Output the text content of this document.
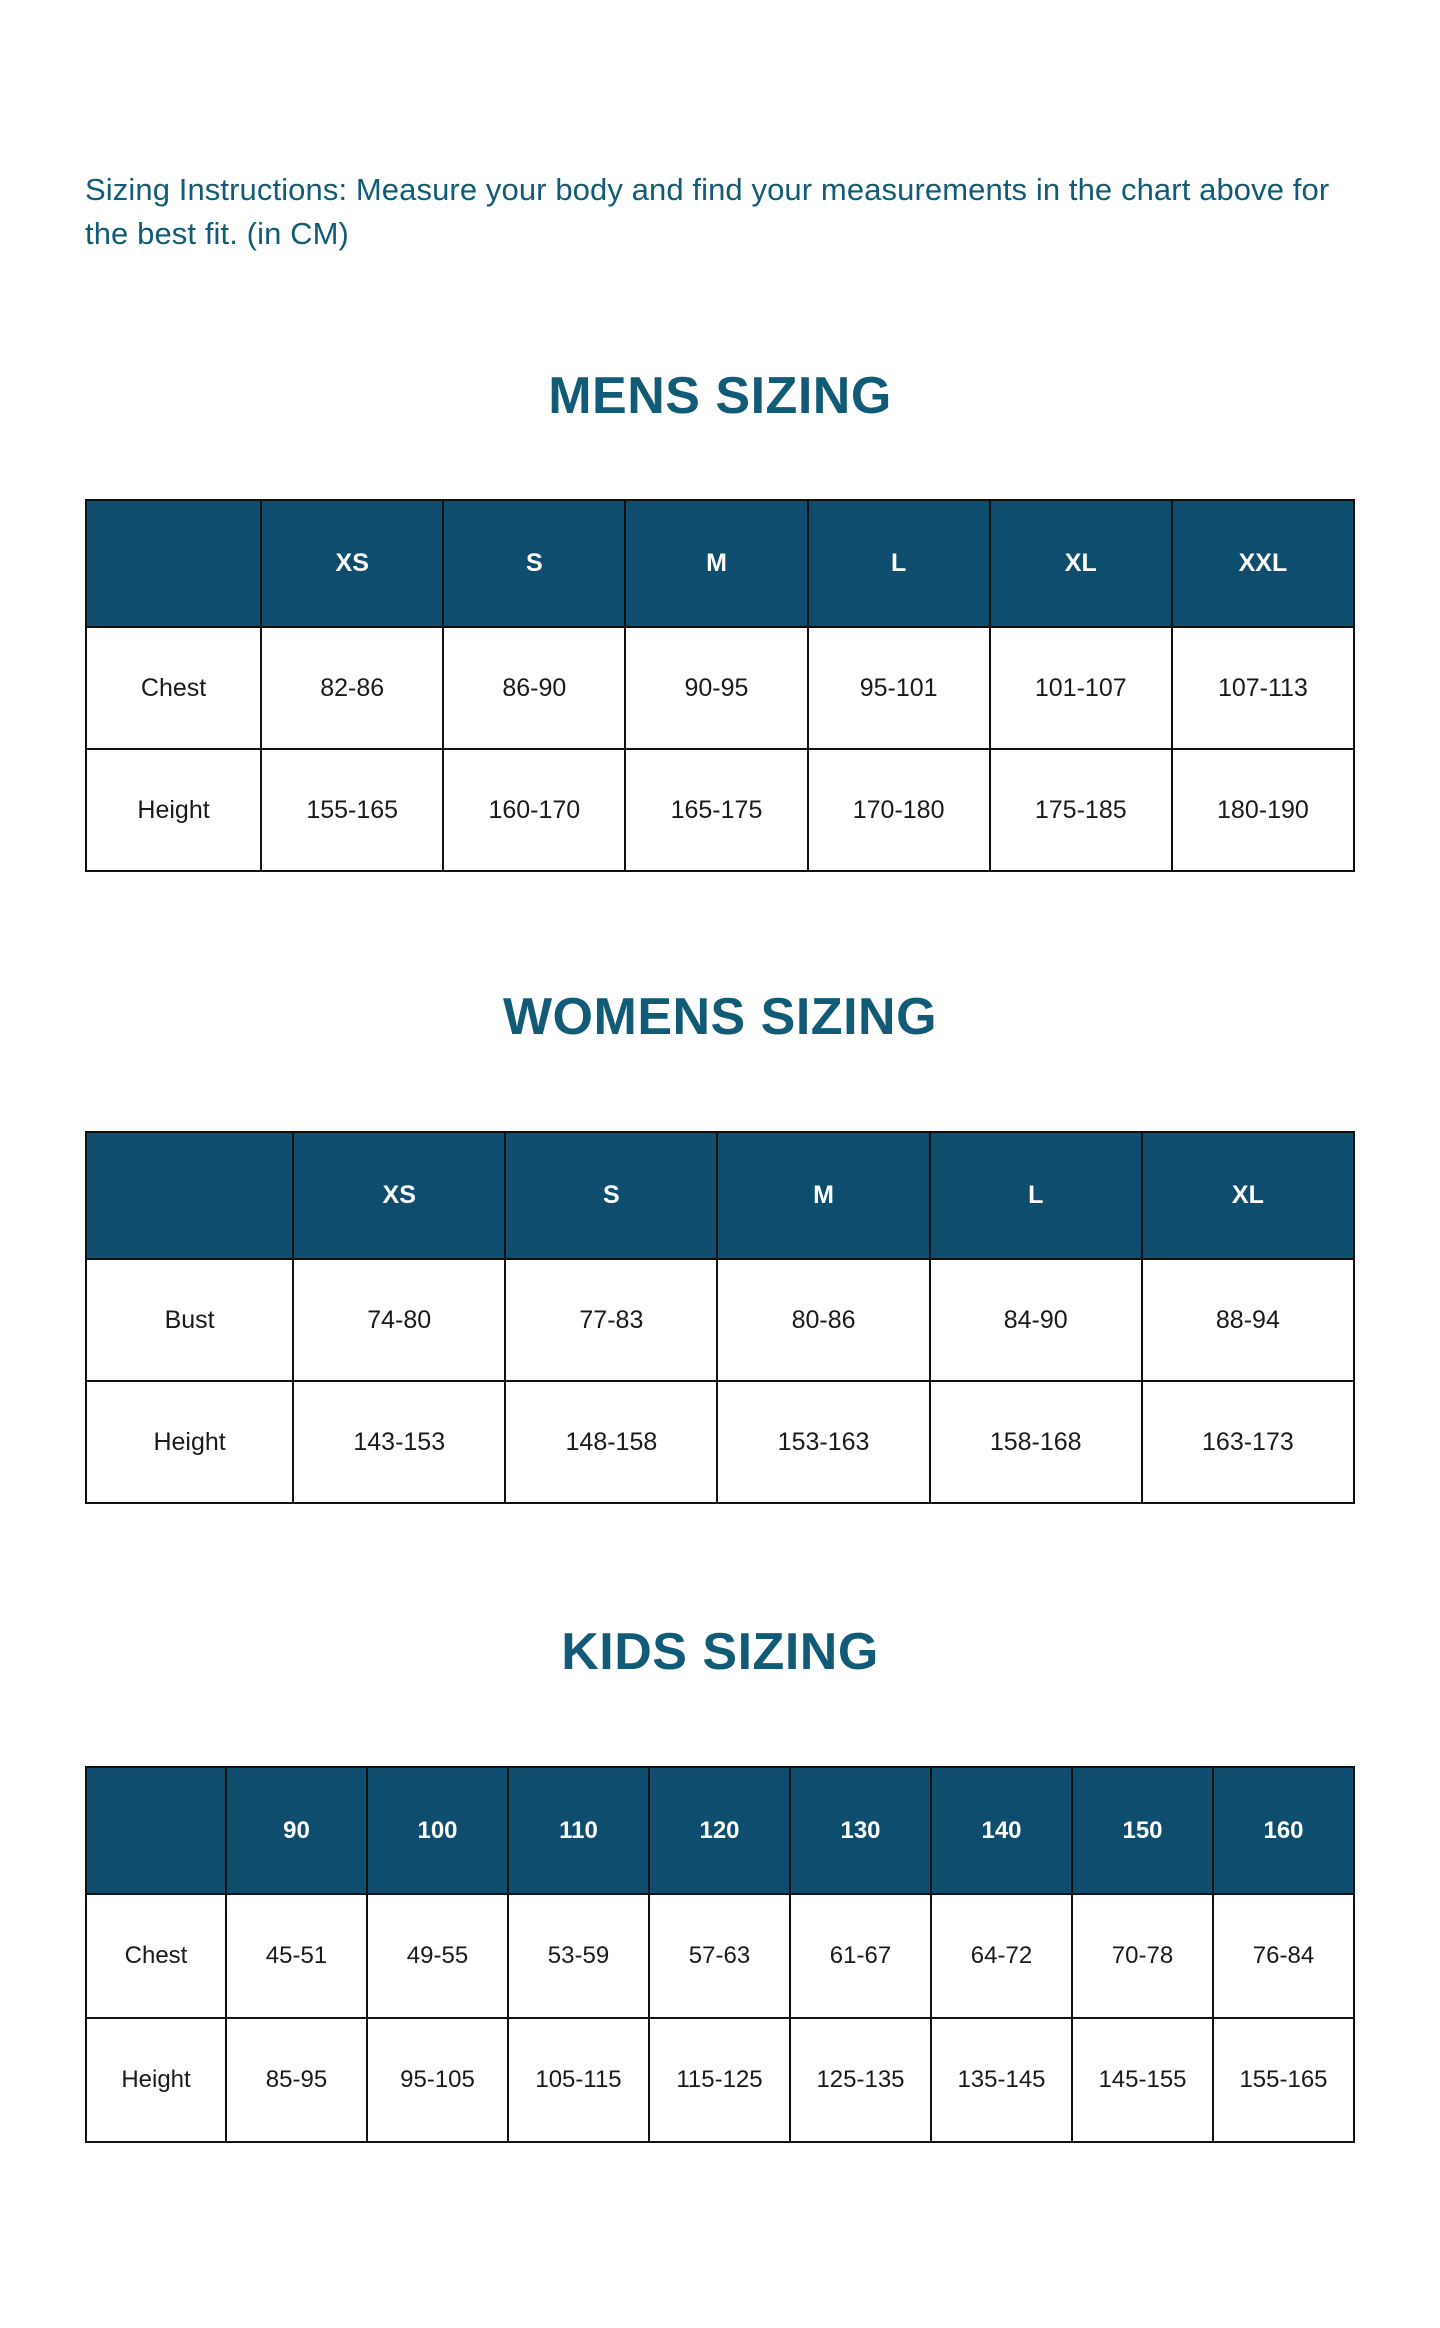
Sizing Instructions: Measure your body and find your measurements in the chart above for the best fit. (in CM)

MENS SIZING
	XS	S	M	L	XL	XXL
Chest	82-86	86-90	90-95	95-101	101-107	107-113
Height	155-165	160-170	165-175	170-180	175-185	180-190
WOMENS SIZING
	XS	S	M	L	XL
Bust	74-80	77-83	80-86	84-90	88-94
Height	143-153	148-158	153-163	158-168	163-173
KIDS SIZING
	90	100	110	120	130	140	150	160
Chest	45-51	49-55	53-59	57-63	61-67	64-72	70-78	76-84
Height	85-95	95-105	105-115	115-125	125-135	135-145	145-155	155-165
